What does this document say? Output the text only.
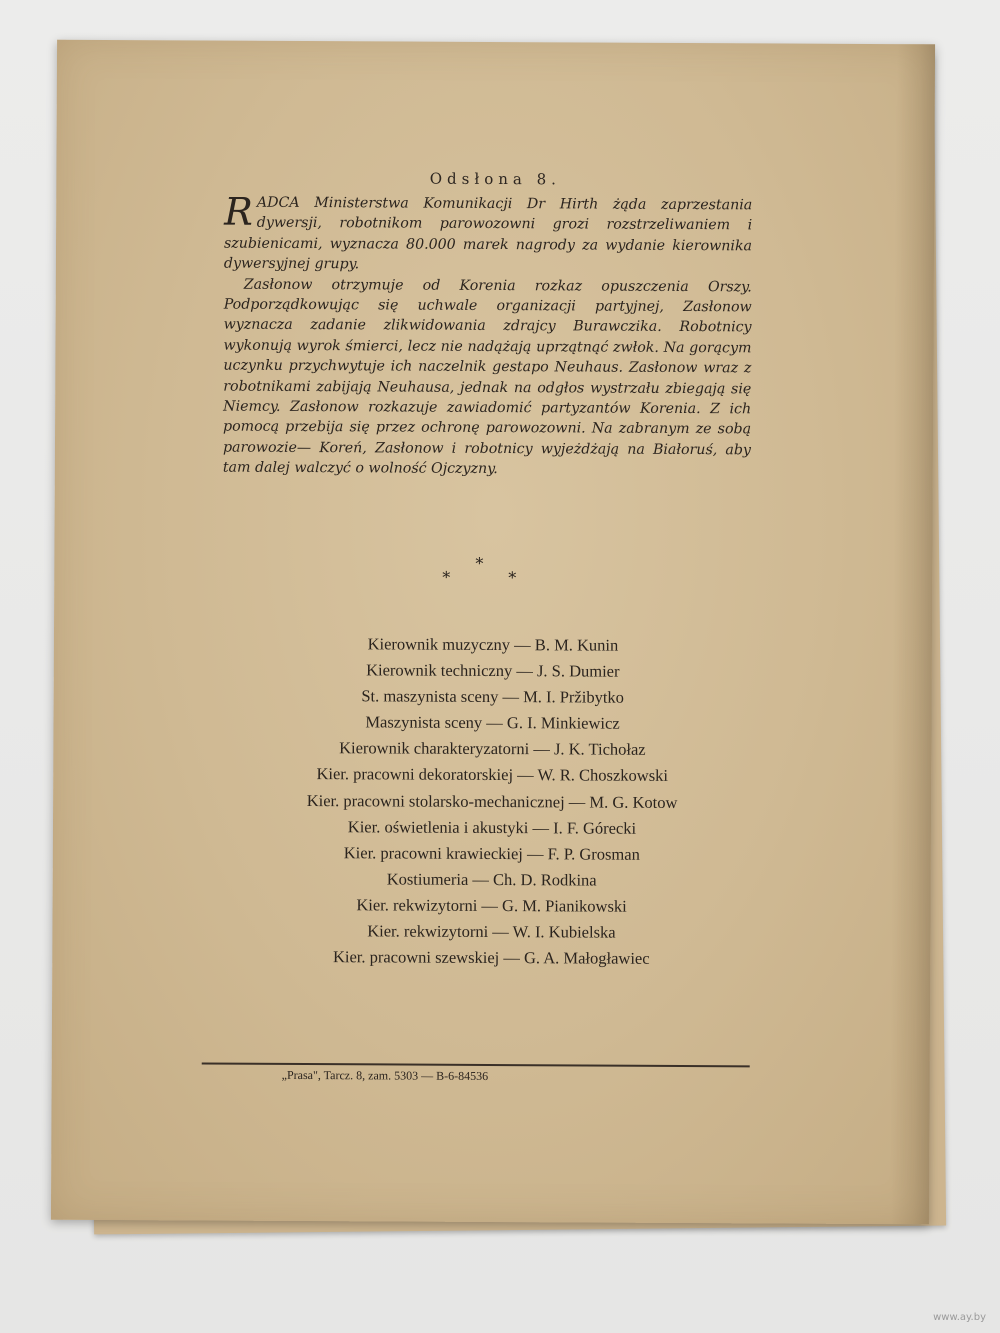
Odsłona 8.

RADCA Ministerstwa Komunikacji Dr Hirth żąda zaprzestania dywersji, robotnikom parowozowni grozi rozstrzeliwaniem i szubienicami, wyznacza 80.000 marek nagrody za wydanie kierownika dywersyjnej grupy.

Zasłonow otrzymuje od Korenia rozkaz opuszczenia Orszy. Podporządkowując się uchwale organizacji partyjnej, Zasłonow wyznacza zadanie zlikwidowania zdrajcy Burawczika. Robotnicy wykonują wyrok śmierci, lecz nie nadążają uprzątnąć zwłok. Na gorącym uczynku przychwytuje ich naczelnik gestapo Neuhaus. Zasłonow wraz z robotnikami zabijają Neuhausa, jednak na odgłos wystrzału zbiegają się Niemcy. Zasłonow rozkazuje zawiadomić partyzantów Korenia. Z ich pomocą przebija się przez ochronę parowozowni. Na zabranym ze sobą parowozie— Koreń, Zasłonow i robotnicy wyjeżdżają na Białoruś, aby tam dalej walczyć o wolność Ojczyzny.

*
*	*
Kierownik muzyczny — B. M. Kunin
Kierownik techniczny — J. S. Dumier
St. maszynista sceny — M. I. Pržibytko
Maszynista sceny — G. I. Minkiewicz
Kierownik charakteryzatorni — J. K. Tichołaz
Kier. pracowni dekoratorskiej — W. R. Choszkowski
Kier. pracowni stolarsko-mechanicznej — M. G. Kotow
Kier. oświetlenia i akustyki — I. F. Górecki
Kier. pracowni krawieckiej — F. P. Grosman
Kostiumeria — Ch. D. Rodkina
Kier. rekwizytorni — G. M. Pianikowski
Kier. rekwizytorni — W. I. Kubielska
Kier. pracowni szewskiej — G. A. Małogławiec
„Prasa", Tarcz. 8, zam. 5303 — B-6-84536
www.ay.by
